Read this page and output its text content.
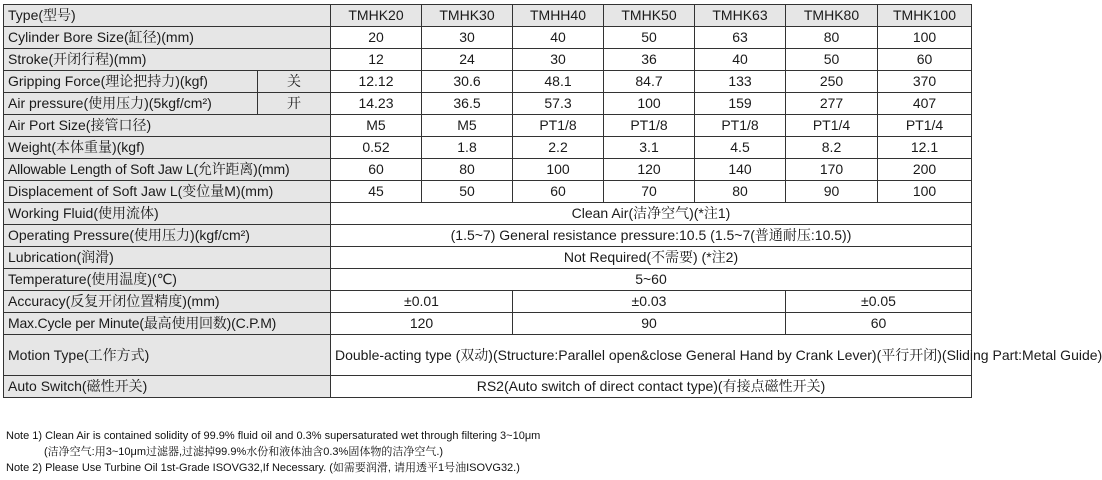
Type(型号)		TMHK20	TMHK30	TMHH40	TMHK50	TMHK63	TMHK80	TMHK100
Cylinder Bore Size(缸径)(mm)		20	30	40	50	63	80	100
Stroke(开闭行程)(mm)		12	24	30	36	40	50	60
Gripping Force(理论把持力)(kgf)	关	12.12	30.6	48.1	84.7	133	250	370
Air pressure(使用压力)(5kgf/cm²)	开	14.23	36.5	57.3	100	159	277	407
Air Port Size(接管口径)		M5	M5	PT1/8	PT1/8	PT1/8	PT1/4	PT1/4
Weight(本体重量)(kgf)		0.52	1.8	2.2	3.1	4.5	8.2	12.1
Allowable Length of Soft Jaw L(允许距离)(mm)		60	80	100	120	140	170	200
Displacement of Soft Jaw L(变位量M)(mm)		45	50	60	70	80	90	100
Working Fluid(使用流体)		Clean Air(洁净空气)(*注1)						
Operating Pressure(使用压力)(kgf/cm²)		(1.5~7) General resistance pressure:10.5 (1.5~7(普通耐压:10.5))						
Lubrication(润滑)		Not Required(不需要) (*注2)						
Temperature(使用温度)(℃)		5~60						
Accuracy(反复开闭位置精度)(mm)		±0.01		±0.03			±0.05	
Max.Cycle per Minute(最高使用回数)(C.P.M)		120		90			60	
Motion Type(工作方式)		Double-acting type (双动)(Structure:Parallel open&close General Hand by Crank Lever)(平行开闭)(Sliding Part:Metal Guide)						
Auto Switch(磁性开关)		RS2(Auto switch of direct contact type)(有接点磁性开关)						
Note 1) Clean Air is contained solidity of 99.9% fluid oil and 0.3% supersaturated wet through filtering 3~10μm
(洁净空气:用3~10μm过滤器,过滤掉99.9%水份和液体油含0.3%固体物的洁净空气.)
Note 2) Please Use Turbine Oil 1st-Grade ISOVG32,If Necessary. (如需要润滑, 请用透平1号油ISOVG32.)
